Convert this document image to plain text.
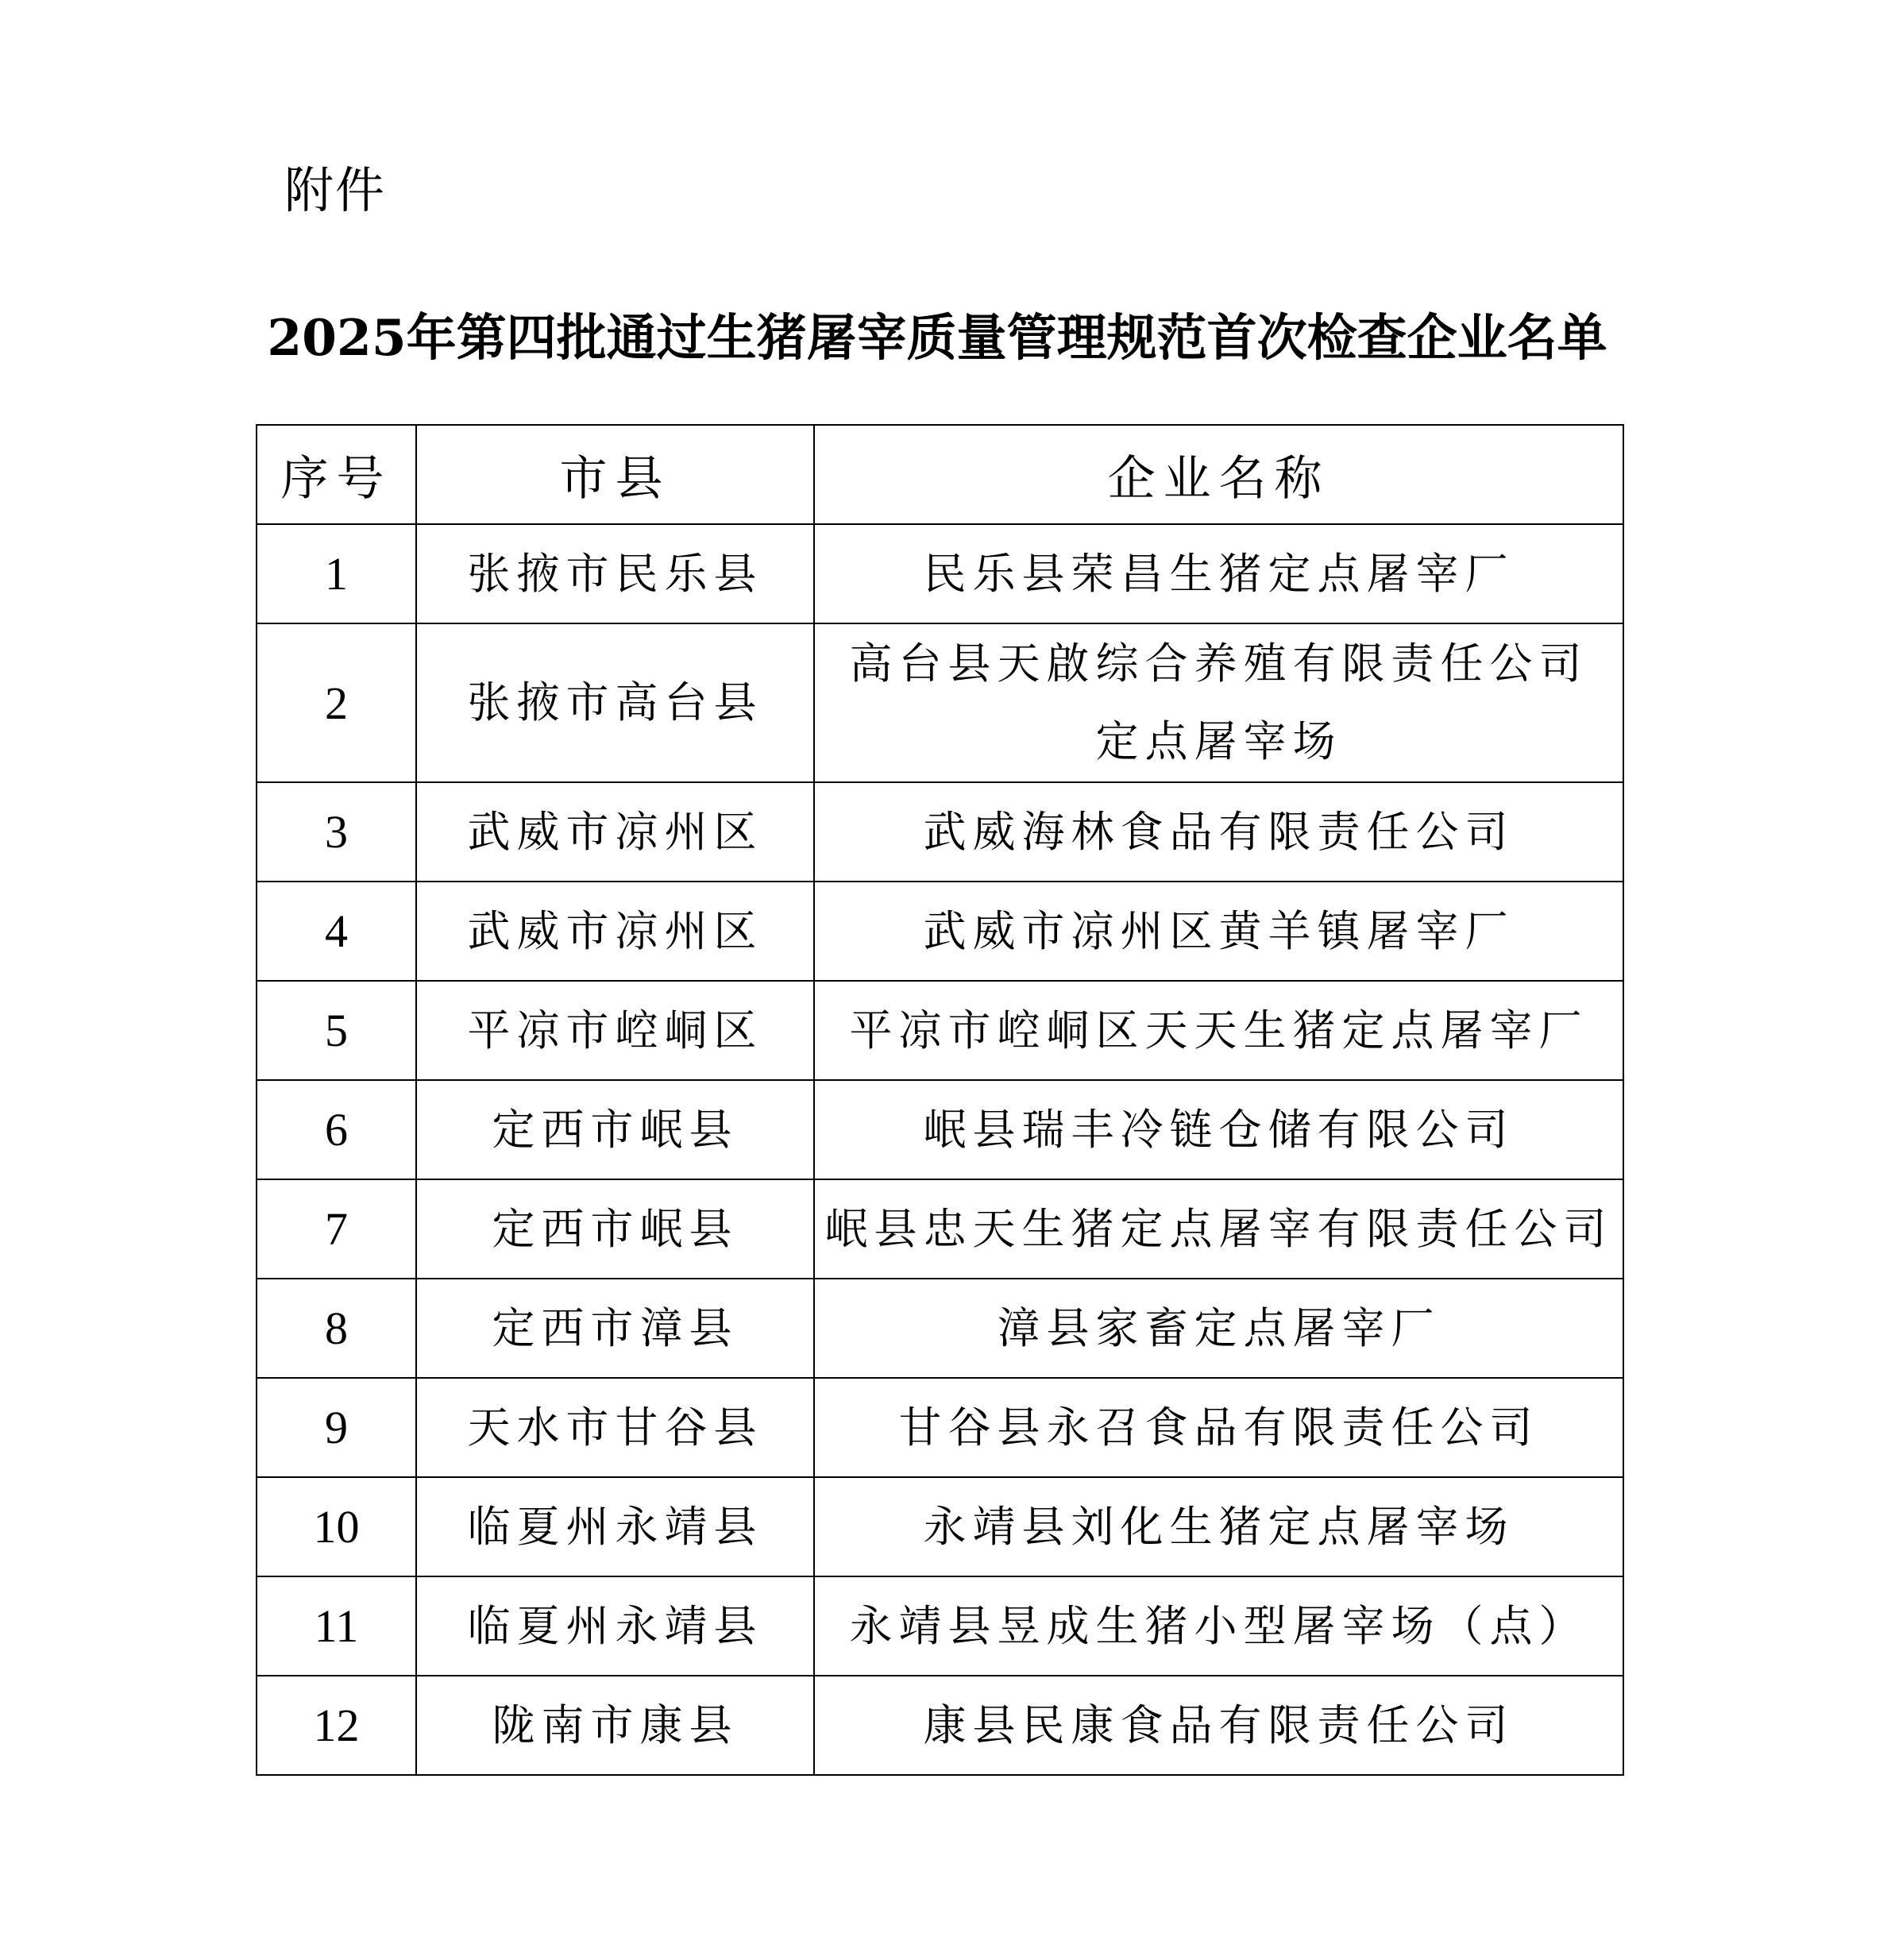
附件
2025年第四批通过生猪屠宰质量管理规范首次检查企业名单
序号	市县	企业名称
1	张掖市民乐县	民乐县荣昌生猪定点屠宰厂

2	张掖市高台县	高台县天啟综合养殖有限责任公司
定点屠宰场

3	武威市凉州区	武威海林食品有限责任公司

4	武威市凉州区	武威市凉州区黄羊镇屠宰厂

5	平凉市崆峒区	平凉市崆峒区天天生猪定点屠宰厂

6	定西市岷县	岷县瑞丰冷链仓储有限公司

7	定西市岷县	岷县忠天生猪定点屠宰有限责任公司

8	定西市漳县	漳县家畜定点屠宰厂

9	天水市甘谷县	甘谷县永召食品有限责任公司

10	临夏州永靖县	永靖县刘化生猪定点屠宰场

11	临夏州永靖县	永靖县昱成生猪小型屠宰场（点）

12	陇南市康县	康县民康食品有限责任公司
